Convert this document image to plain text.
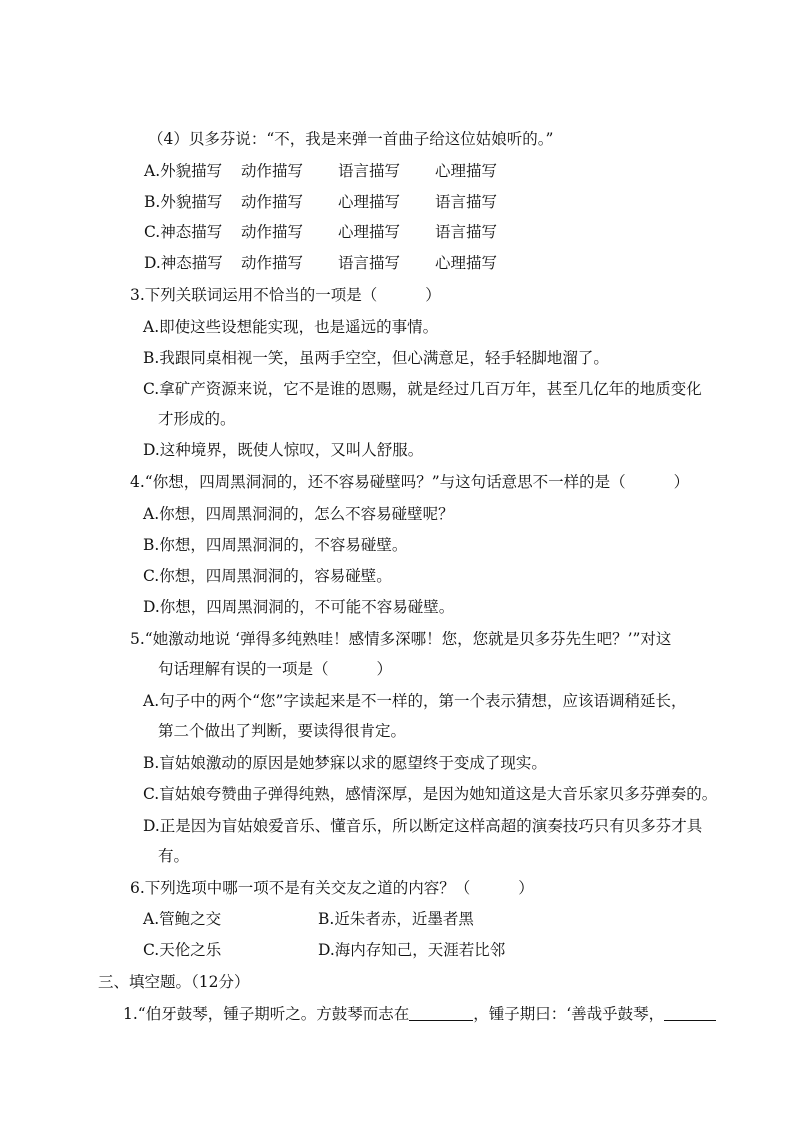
（4）贝多芬说：“不，我是来弹一首曲子给这位姑娘听的。”
A.外貌描写 动作描写 语言描写 心理描写
B.外貌描写 动作描写 心理描写 语言描写
C.神态描写 动作描写 心理描写 语言描写
D.神态描写 动作描写 语言描写 心理描写
3.下列关联词运用不恰当的一项是（	）
A.即使这些设想能实现，也是遥远的事情。
B.我跟同桌相视一笑，虽两手空空，但心满意足，轻手轻脚地溜了。
C.拿矿产资源来说，它不是谁的恩赐，就是经过几百万年，甚至几亿年的地质变化
才形成的。
D.这种境界，既使人惊叹，又叫人舒服。
4.“你想，四周黑洞洞的，还不容易碰壁吗？”与这句话意思不一样的是（	）
A.你想，四周黑洞洞的，怎么不容易碰壁呢？
B.你想，四周黑洞洞的，不容易碰壁。
C.你想，四周黑洞洞的，容易碰壁。
D.你想，四周黑洞洞的，不可能不容易碰壁。
5.“她激动地说 ‘弹得多纯熟哇！感情多深哪！您，您就是贝多芬先生吧？’”对这
句话理解有误的一项是（	）
A.句子中的两个“您”字读起来是不一样的，第一个表示猜想，应该语调稍延长，
第二个做出了判断，要读得很肯定。
B.盲姑娘激动的原因是她梦寐以求的愿望终于变成了现实。
C.盲姑娘夸赞曲子弹得纯熟，感情深厚，是因为她知道这是大音乐家贝多芬弹奏的。
D.正是因为盲姑娘爱音乐、懂音乐，所以断定这样高超的演奏技巧只有贝多芬才具
有。
6.下列选项中哪一项不是有关交友之道的内容？（	）
A.管鲍之交	B.近朱者赤，近墨者黑
C.天伦之乐	D.海内存知己，天涯若比邻
三、填空题。（12分）
1.“伯牙鼓琴，锺子期听之。方鼓琴而志在	，锺子期曰：‘善哉乎鼓琴，
